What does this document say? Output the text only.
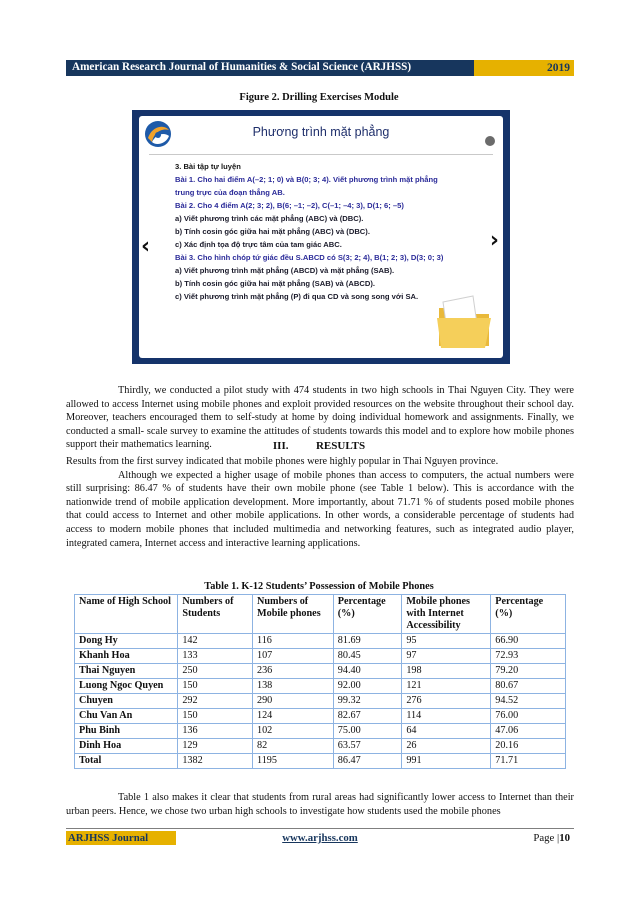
American Research Journal of Humanities & Social Science (ARJHSS)	2019
Figure 2. Drilling Exercises Module
Phương trình mặt phẳng
3. Bài tập tự luyện
Bài 1. Cho hai điểm A(–2; 1; 0) và B(0; 3; 4). Viết phương trình mặt phẳng
trung trực của đoạn thẳng AB.
Bài 2. Cho 4 điểm A(2; 3; 2), B(6; –1; –2), C(–1; –4; 3), D(1; 6; –5)
a) Viết phương trình các mặt phẳng (ABC) và (DBC).
b) Tính cosin góc giữa hai mặt phẳng (ABC) và (DBC).
c) Xác định tọa độ trực tâm của tam giác ABC.
Bài 3. Cho hình chóp tứ giác đều S.ABCD có S(3; 2; 4), B(1; 2; 3), D(3; 0; 3)
a) Viết phương trình mặt phẳng (ABCD) và mặt phẳng (SAB).
b) Tính cosin góc giữa hai mặt phẳng (SAB) và (ABCD).
c) Viết phương trình mặt phẳng (P) đi qua CD và song song với SA.
‹	›

Thirdly, we conducted a pilot study with 474 students in two high schools in Thai Nguyen City. They were allowed to access Internet using mobile phones and exploit provided resources on the website throughout their school day. Moreover, teachers encouraged them to self-study at home by doing individual homework and assignments. Finally, we conducted a small- scale survey to examine the attitudes of students towards this model and to explore how mobile phones support their mathematics learning.	III.	RESULTS

Results from the first survey indicated that mobile phones were highly popular in Thai Nguyen province.

Although we expected a higher usage of mobile phones than access to computers, the actual numbers were still surprising: 86.47 % of students have their own mobile phone (see Table 1 below). This is accordance with the nationwide trend of mobile application development. More importantly, about 71.71 % of students posed mobile phones that could access to Internet and other mobile applications. In other words, a considerable percentage of students had access to modern mobile phones that included multimedia and networking features, such as integrated audio player, integrated camera, Internet access and interactive learning applications.

Table 1. K-12 Students’ Possession of Mobile Phones
Name of High School	Numbers of Students	Numbers of Mobile phones	Percentage (%)	Mobile phones with Internet Accessibility	Percentage (%)
Dong Hy	142	116	81.69	95	66.90
Khanh Hoa	133	107	80.45	97	72.93
Thai Nguyen	250	236	94.40	198	79.20
Luong Ngoc Quyen	150	138	92.00	121	80.67
Chuyen	292	290	99.32	276	94.52
Chu Van An	150	124	82.67	114	76.00
Phu Binh	136	102	75.00	64	47.06
Dinh Hoa	129	82	63.57	26	20.16
Total	1382	1195	86.47	991	71.71

Table 1 also makes it clear that students from rural areas had significantly lower access to Internet than their urban peers. Hence, we chose two urban high schools to investigate how students used the mobile phones

ARJHSS Journal	www.arjhss.com	Page |10
